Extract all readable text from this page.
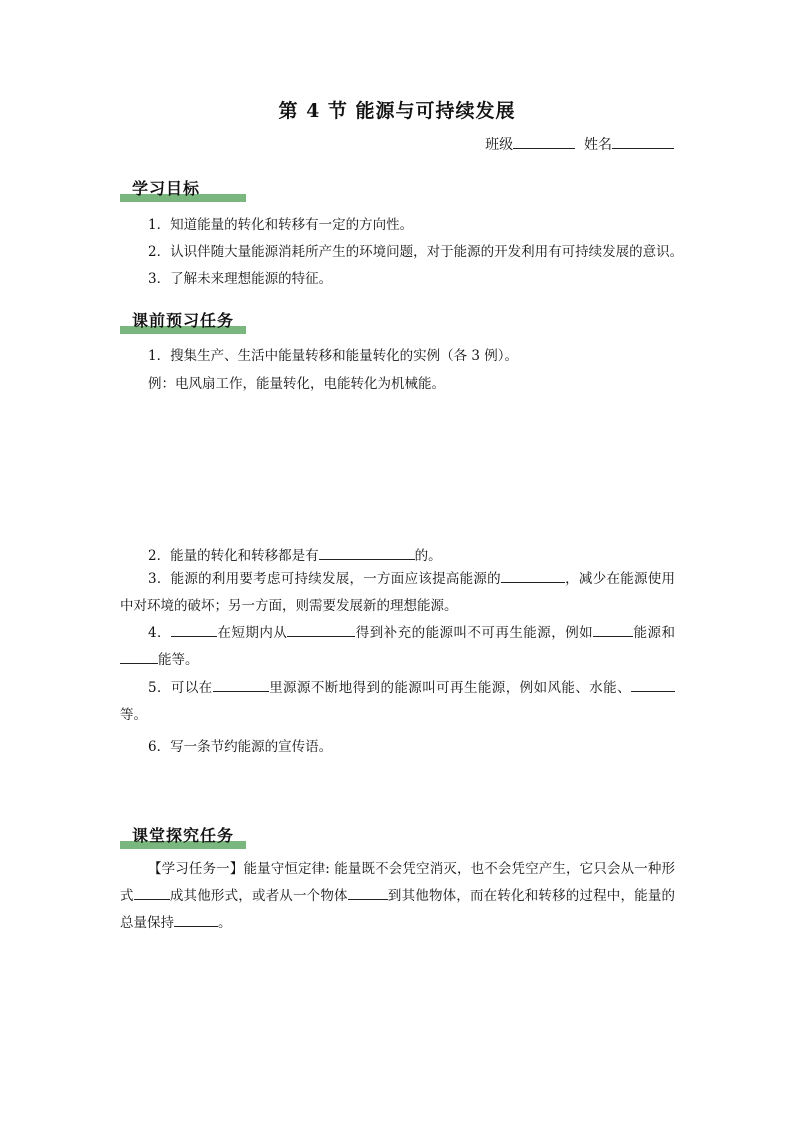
第 4 节 能源与可持续发展
班级	姓名
学习目标
1．知道能量的转化和转移有一定的方向性。
2．认识伴随大量能源消耗所产生的环境问题，对于能源的开发利用有可持续发展的意识。
3．了解未来理想能源的特征。
课前预习任务
1．搜集生产、生活中能量转移和能量转化的实例（各 3 例）。
例：电风扇工作，能量转化，电能转化为机械能。
2．能量的转化和转移都是有	的。
3．能源的利用要考虑可持续发展，一方面应该提高能源的	，减少在能源使用中对环境的破坏；另一方面，则需要发展新的理想能源。
4．	在短期内从	得到补充的能源叫不可再生能源，例如	能源和能等。
5．可以在	里源源不断地得到的能源叫可再生能源，例如风能、水能、等。
6．写一条节约能源的宣传语。
课堂探究任务
【学习任务一】能量守恒定律: 能量既不会凭空消灭，也不会凭空产生，它只会从一种形式	成其他形式，或者从一个物体	到其他物体，而在转化和转移的过程中，能量的总量保持	。
